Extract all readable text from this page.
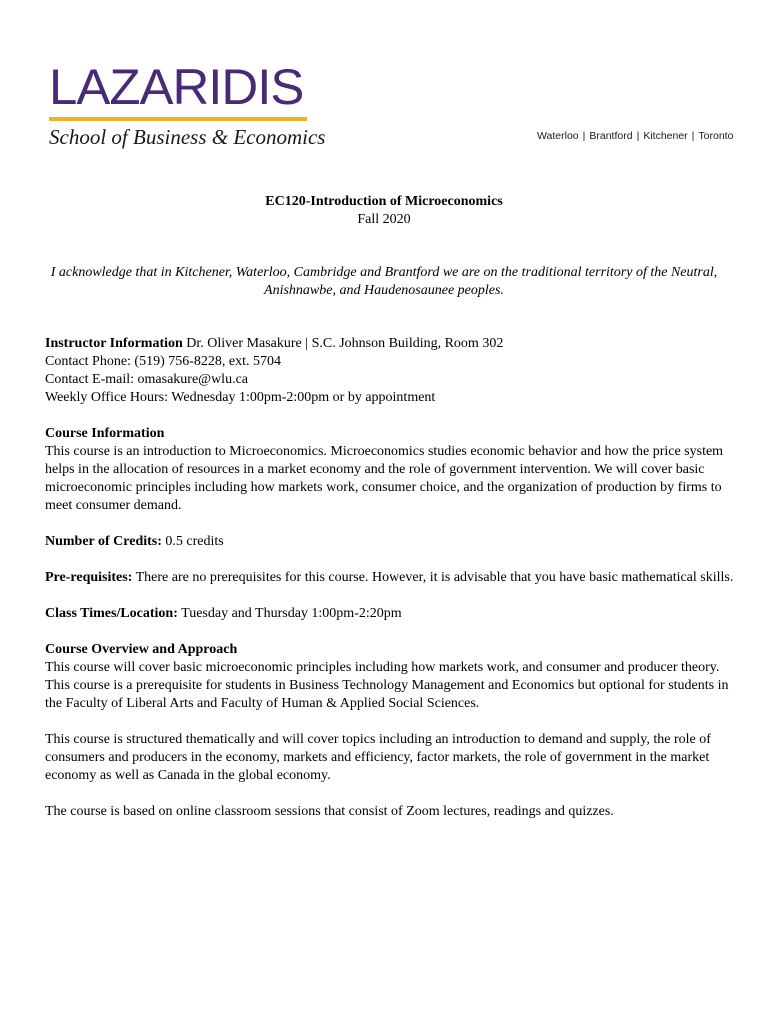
LAZARIDIS
School of Business & Economics	Waterloo | Brantford | Kitchener | Toronto
EC120-Introduction of Microeconomics
Fall 2020
I acknowledge that in Kitchener, Waterloo, Cambridge and Brantford we are on the traditional territory of the Neutral, Anishnawbe, and Haudenosaunee peoples.

Instructor Information Dr. Oliver Masakure | S.C. Johnson Building, Room 302

Contact Phone: (519) 756-8228, ext. 5704

Contact E-mail: omasakure@wlu.ca

Weekly Office Hours: Wednesday 1:00pm-2:00pm or by appointment

Course Information

This course is an introduction to Microeconomics. Microeconomics studies economic behavior and how the price system helps in the allocation of resources in a market economy and the role of government intervention. We will cover basic microeconomic principles including how markets work, consumer choice, and the organization of production by firms to meet consumer demand.

Number of Credits: 0.5 credits

Pre-requisites: There are no prerequisites for this course. However, it is advisable that you have basic mathematical skills.

Class Times/Location: Tuesday and Thursday 1:00pm-2:20pm

Course Overview and Approach

This course will cover basic microeconomic principles including how markets work, and consumer and producer theory. This course is a prerequisite for students in Business Technology Management and Economics but optional for students in the Faculty of Liberal Arts and Faculty of Human & Applied Social Sciences.

This course is structured thematically and will cover topics including an introduction to demand and supply, the role of consumers and producers in the economy, markets and efficiency, factor markets, the role of government in the market economy as well as Canada in the global economy.

The course is based on online classroom sessions that consist of Zoom lectures, readings and quizzes.
